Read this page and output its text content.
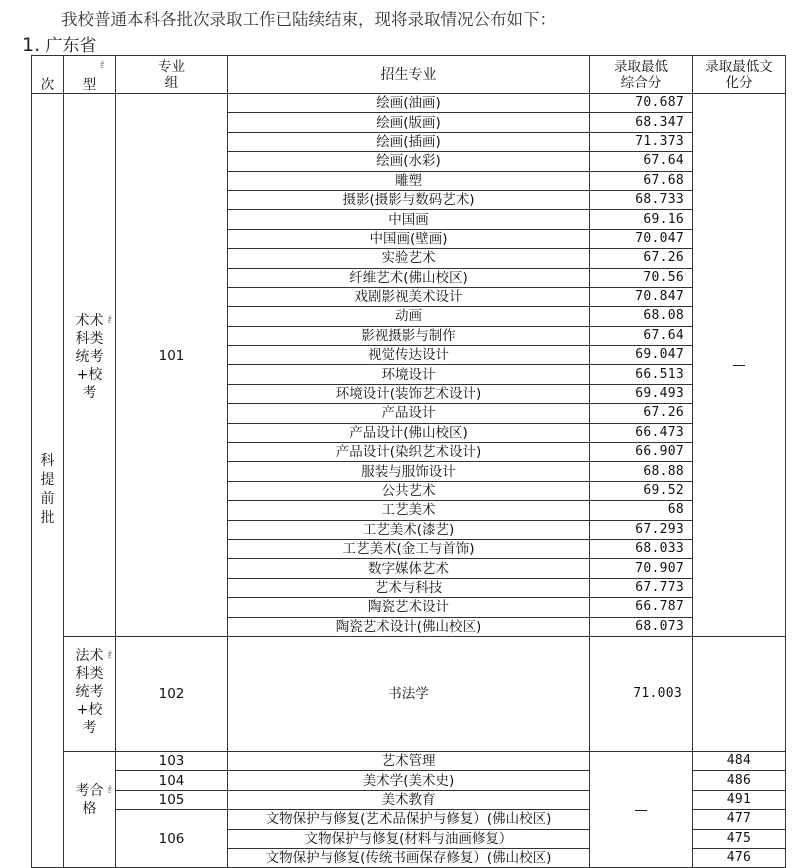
我校普通本科各批次录取工作已陆续结束，现将录取情况公布如下：
1. 广东省
次	型
纟	专业组	招生专业	录取最低综合分	录取最低文化分

科提前批	术术科类统考+校考
纟	101	绘画(油画)	70.687	—
			绘画(版画)	68.347	
			绘画(插画)	71.373	
			绘画(水彩)	67.64	
			雕塑	67.68	
			摄影(摄影与数码艺术)	68.733	
			中国画	69.16	
			中国画(壁画)	70.047	
			实验艺术	67.26	
			纤维艺术(佛山校区)	70.56	
			戏剧影视美术设计	70.847	
			动画	68.08	
			影视摄影与制作	67.64	
			视觉传达设计	69.047	
			环境设计	66.513	
			环境设计(装饰艺术设计)	69.493	
			产品设计	67.26	
			产品设计(佛山校区)	66.473	
			产品设计(染织艺术设计)	66.907	
			服装与服饰设计	68.88	
			公共艺术	69.52	
			工艺美术	68	
			工艺美术(漆艺)	67.293	
			工艺美术(金工与首饰)	68.033	
			数字媒体艺术	70.907	
			艺术与科技	67.773	
			陶瓷艺术设计	66.787	
			陶瓷艺术设计(佛山校区)	68.073	
	法术科类统考+校考
纟	102	书法学	71.003	
	考合格
纟	103	艺术管理	—	484
		104	美术学(美术史)		486
		105	美术教育		491
		106	文物保护与修复(艺术品保护与修复）(佛山校区)		477
			文物保护与修复(材料与油画修复）		475
			文物保护与修复(传统书画保存修复）(佛山校区)		476
